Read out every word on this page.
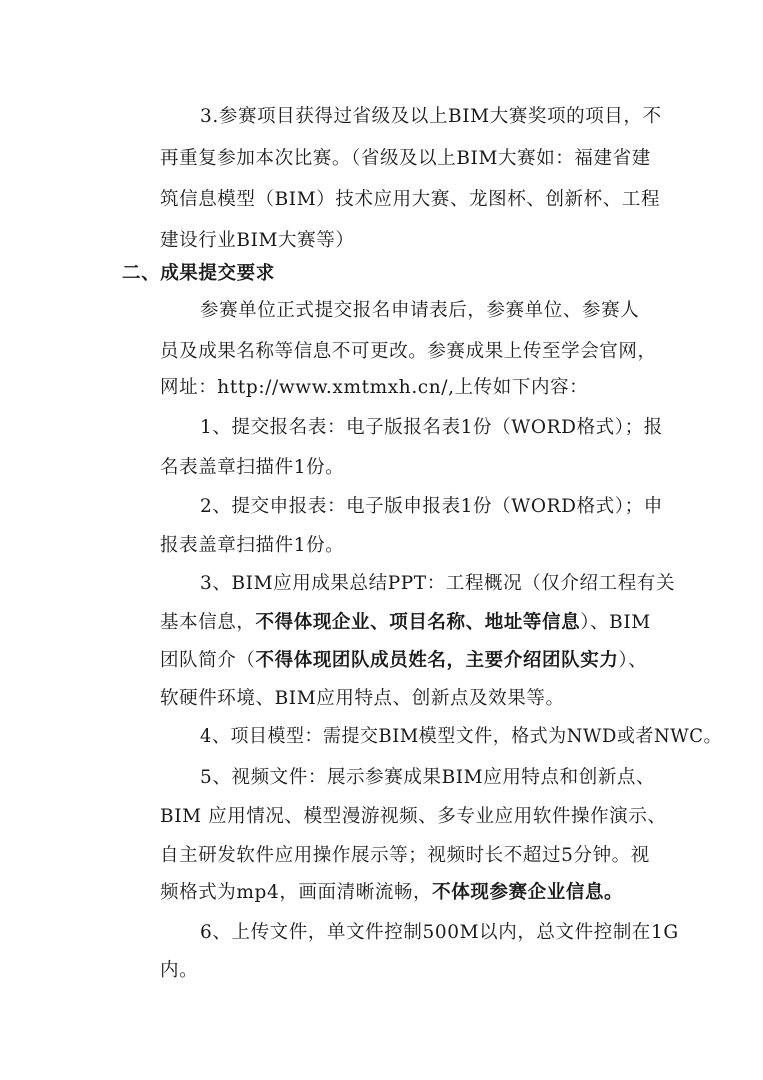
3.参赛项目获得过省级及以上BIM大赛奖项的项目，不
再重复参加本次比赛。（省级及以上BIM大赛如：福建省建
筑信息模型（BIM）技术应用大赛、龙图杯、创新杯、工程
建设行业BIM大赛等）
二、成果提交要求
参赛单位正式提交报名申请表后，参赛单位、参赛人
员及成果名称等信息不可更改。参赛成果上传至学会官网，
网址：http://www.xmtmxh.cn/,上传如下内容：
1、提交报名表：电子版报名表1份（WORD格式）；报
名表盖章扫描件1份。
2、提交申报表：电子版申报表1份（WORD格式）；申
报表盖章扫描件1份。
3、BIM应用成果总结PPT：工程概况（仅介绍工程有关
基本信息，不得体现企业、项目名称、地址等信息）、BIM
团队简介（不得体现团队成员姓名，主要介绍团队实力）、
软硬件环境、BIM应用特点、创新点及效果等。
4、项目模型：需提交BIM模型文件，格式为NWD或者NWC。
5、视频文件：展示参赛成果BIM应用特点和创新点、
BIM 应用情况、模型漫游视频、多专业应用软件操作演示、
自主研发软件应用操作展示等；视频时长不超过5分钟。视
频格式为mp4，画面清晰流畅，不体现参赛企业信息。
6、上传文件，单文件控制500M以内，总文件控制在1G
内。
